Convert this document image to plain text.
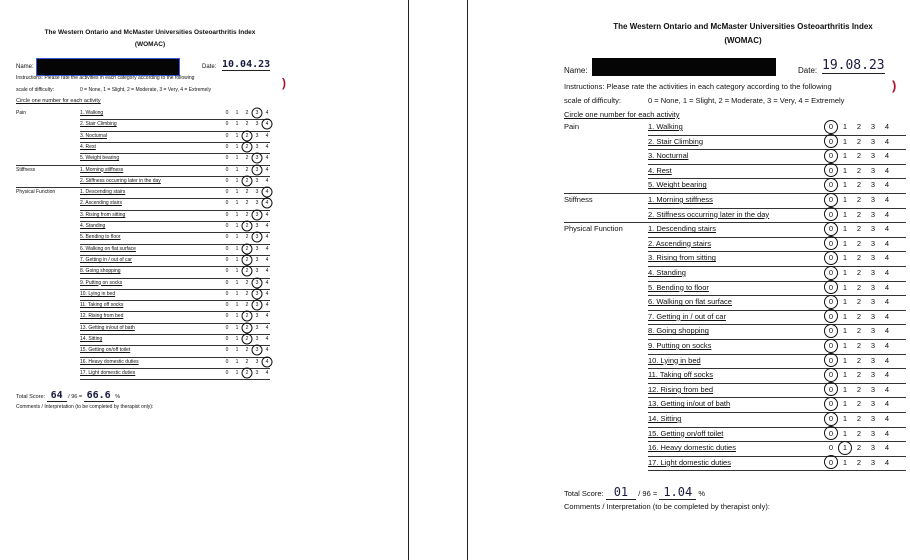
The Western Ontario and McMaster Universities Osteoarthritis Index
(WOMAC)
Name:	Date: 10.04.23
)
Instructions: Please rate the activities in each category according to the following
scale of difficulty:	0 = None, 1 = Slight, 2 = Moderate, 3 = Very, 4 = Extremely
Circle one number for each activity
Pain	1. Walking	0 1 2 3 4
2. Stair Climbing	0 1 2 3 4
3. Nocturnal	0 1 2 3 4
4. Rest	0 1 2 3 4
5. Weight bearing	0 1 2 3 4
Stiffness	1. Morning stiffness	0 1 2 3 4
2. Stiffness occurring later in the day	0 1 2 3 4
Physical Function	1. Descending stairs	0 1 2 3 4
2. Ascending stairs	0 1 2 3 4
3. Rising from sitting	0 1 2 3 4
4. Standing	0 1 2 3 4
5. Bending to floor	0 1 2 3 4
6. Walking on flat surface	0 1 2 3 4
7. Getting in / out of car	0 1 2 3 4
8. Going shopping	0 1 2 3 4
9. Putting on socks	0 1 2 3 4
10. Lying in bed	0 1 2 3 4
11. Taking off socks	0 1 2 3 4
12. Rising from bed	0 1 2 3 4
13. Getting in/out of bath	0 1 2 3 4
14. Sitting	0 1 2 3 4
15. Getting on/off toilet	0 1 2 3 4
16. Heavy domestic duties	0 1 2 3 4
17. Light domestic duties	0 1 2 3 4
Total Score: 64 / 96 = 66.6 %
Comments / Interpretation (to be completed by therapist only):
The Western Ontario and McMaster Universities Osteoarthritis Index
(WOMAC)
Name:	Date: 19.08.23
)
Instructions: Please rate the activities in each category according to the following
scale of difficulty:	0 = None, 1 = Slight, 2 = Moderate, 3 = Very, 4 = Extremely
Circle one number for each activity
Pain	1. Walking	0 1 2 3 4
2. Stair Climbing	0 1 2 3 4
3. Nocturnal	0 1 2 3 4
4. Rest	0 1 2 3 4
5. Weight bearing	0 1 2 3 4
Stiffness	1. Morning stiffness	0 1 2 3 4
2. Stiffness occurring later in the day	0 1 2 3 4
Physical Function	1. Descending stairs	0 1 2 3 4
2. Ascending stairs	0 1 2 3 4
3. Rising from sitting	0 1 2 3 4
4. Standing	0 1 2 3 4
5. Bending to floor	0 1 2 3 4
6. Walking on flat surface	0 1 2 3 4
7. Getting in / out of car	0 1 2 3 4
8. Going shopping	0 1 2 3 4
9. Putting on socks	0 1 2 3 4
10. Lying in bed	0 1 2 3 4
11. Taking off socks	0 1 2 3 4
12. Rising from bed	0 1 2 3 4
13. Getting in/out of bath	0 1 2 3 4
14. Sitting	0 1 2 3 4
15. Getting on/off toilet	0 1 2 3 4
16. Heavy domestic duties	0 1 2 3 4
17. Light domestic duties	0 1 2 3 4
Total Score: 01 / 96 = 1.04 %
Comments / Interpretation (to be completed by therapist only):
